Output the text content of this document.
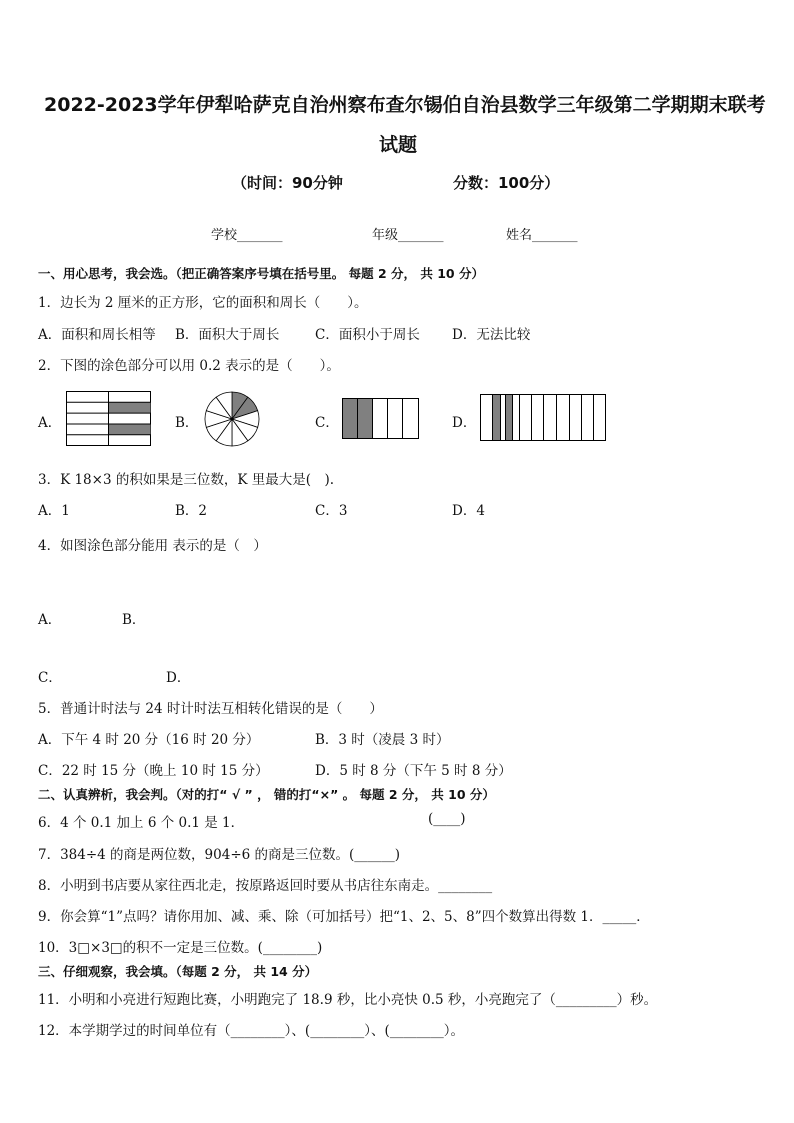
2022-2023学年伊犁哈萨克自治州察布查尔锡伯自治县数学三年级第二学期期末联考
试题
（时间：90分钟	分数：100分）
学校_______	年级_______	姓名_______
一、用心思考，我会选。（把正确答案序号填在括号里。 每题 2 分， 共 10 分）
1．边长为 2 厘米的正方形，它的面积和周长（　　）。
A．面积和周长相等 B．面积大于周长	C．面积小于周长 D．无法比较
2．下图的涂色部分可以用 0.2 表示的是（　　）。
A．	B．	C．	D．
3．K 18×3 的积如果是三位数，K 里最大是(　).
A．1	B．2	C．3	D．4
4．如图涂色部分能用 表示的是（　）
A．	B．
C．	D．
5．普通计时法与 24 时计时法互相转化错误的是（　　）
A．下午 4 时 20 分（16 时 20 分）	B．3 时（凌晨 3 时）
C．22 时 15 分（晚上 10 时 15 分）	D．5 时 8 分（下午 5 时 8 分）
二、认真辨析，我会判。（对的打“ √ ” ， 错的打“×” 。 每题 2 分， 共 10 分）
6．4 个 0.1 加上 6 个 0.1 是 1．	(____)
7．384÷4 的商是两位数，904÷6 的商是三位数。(______)
8．小明到书店要从家往西北走，按原路返回时要从书店往东南走。________
9．你会算“1”点吗？请你用加、减、乘、除（可加括号）把“1、2、5、8”四个数算出得数 1．_____．
10．3□×3□的积不一定是三位数。(________)
三、仔细观察，我会填。（每题 2 分， 共 14 分）
11．小明和小亮进行短跑比赛，小明跑完了 18.9 秒，比小亮快 0.5 秒，小亮跑完了（_________）秒。
12．本学期学过的时间单位有（________）、(________）、(________）。
